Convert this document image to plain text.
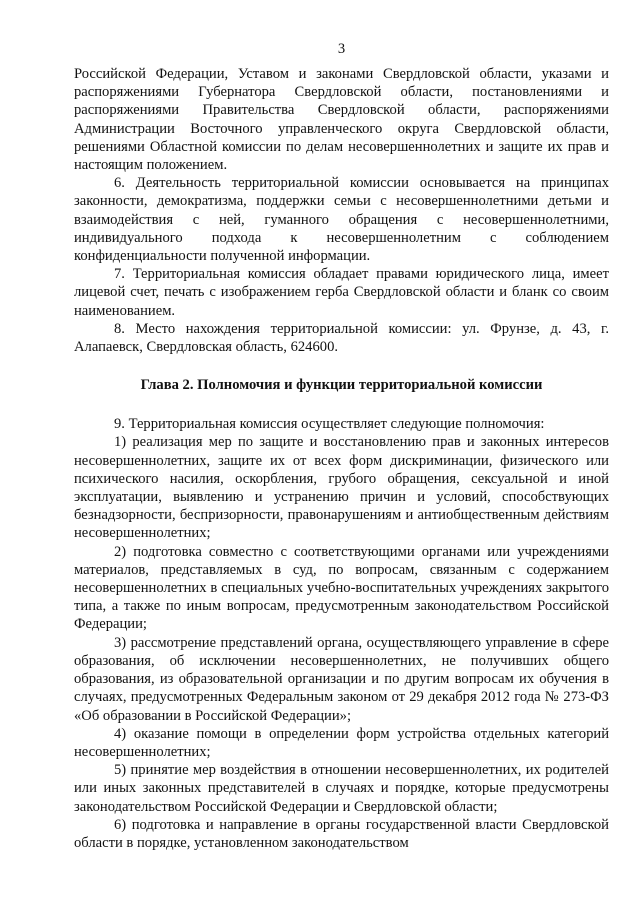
3

Российской Федерации, Уставом и законами Свердловской области, указами и распоряжениями Губернатора Свердловской области, постановлениями и распоряжениями Правительства Свердловской области, распоряжениями Администрации Восточного управленческого округа Свердловской области, решениями Областной комиссии по делам несовершеннолетних и защите их прав и настоящим положением.

6. Деятельность территориальной комиссии основывается на принципах законности, демократизма, поддержки семьи с несовершеннолетними детьми и взаимодействия с ней, гуманного обращения с несовершеннолетними, индивидуального подхода к несовершеннолетним с соблюдением конфиденциальности полученной информации.

7. Территориальная комиссия обладает правами юридического лица, имеет лицевой счет, печать с изображением герба Свердловской области и бланк со своим наименованием.

8. Место нахождения территориальной комиссии: ул. Фрунзе, д. 43, г. Алапаевск, Свердловская область, 624600.

Глава 2. Полномочия и функции территориальной комиссии

9. Территориальная комиссия осуществляет следующие полномочия:

1) реализация мер по защите и восстановлению прав и законных интересов несовершеннолетних, защите их от всех форм дискриминации, физического или психического насилия, оскорбления, грубого обращения, сексуальной и иной эксплуатации, выявлению и устранению причин и условий, способствующих безнадзорности, беспризорности, правонарушениям и антиобщественным действиям несовершеннолетних;

2) подготовка совместно с соответствующими органами или учреждениями материалов, представляемых в суд, по вопросам, связанным с содержанием несовершеннолетних в специальных учебно-воспитательных учреждениях закрытого типа, а также по иным вопросам, предусмотренным законодательством Российской Федерации;

3) рассмотрение представлений органа, осуществляющего управление в сфере образования, об исключении несовершеннолетних, не получивших общего образования, из образовательной организации и по другим вопросам их обучения в случаях, предусмотренных Федеральным законом от 29 декабря 2012 года № 273-ФЗ «Об образовании в Российской Федерации»;

4) оказание помощи в определении форм устройства отдельных категорий несовершеннолетних;

5) принятие мер воздействия в отношении несовершеннолетних, их родителей или иных законных представителей в случаях и порядке, которые предусмотрены законодательством Российской Федерации и Свердловской области;

6) подготовка и направление в органы государственной власти Свердловской области в порядке, установленном законодательством
